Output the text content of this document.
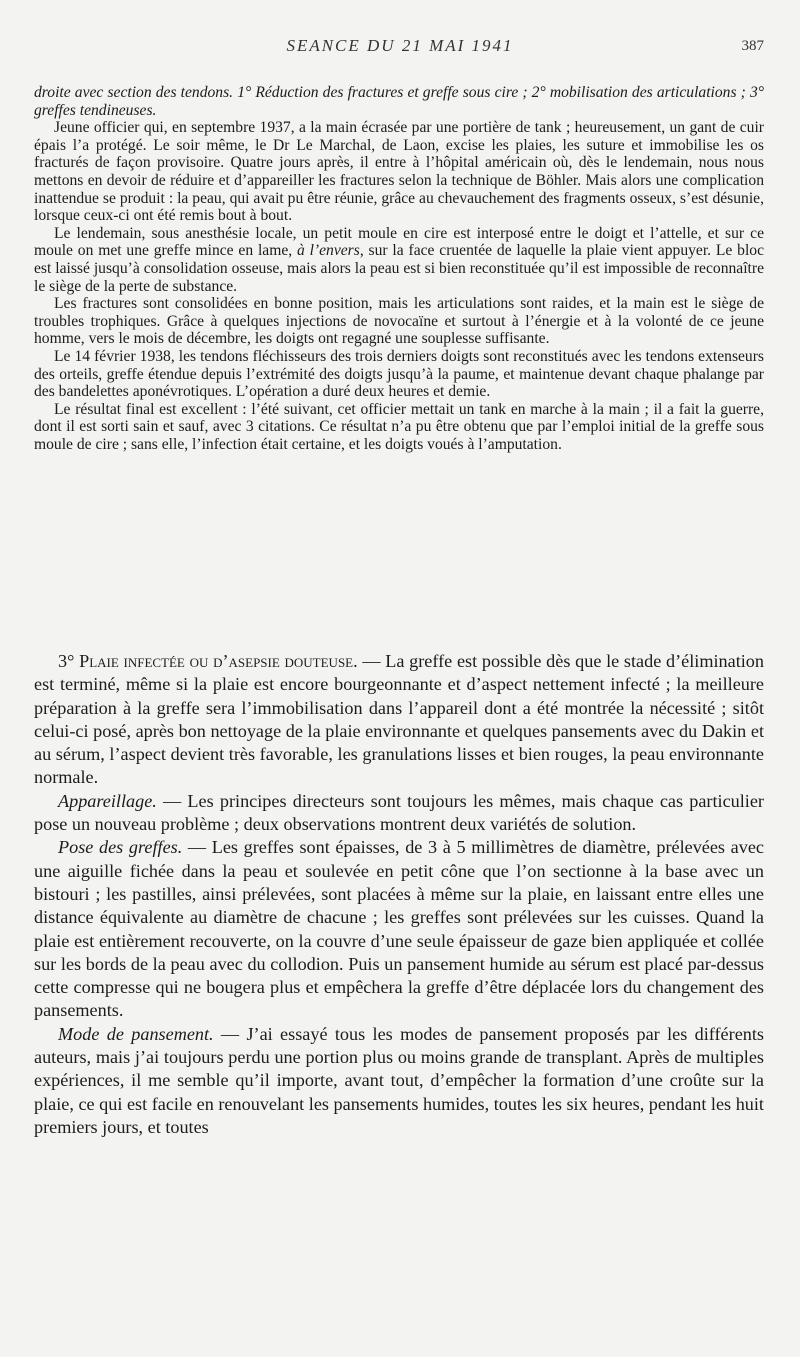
SEANCE DU 21 MAI 1941	387

droite avec section des tendons. 1° Réduction des fractures et greffe sous cire ; 2° mobilisation des articulations ; 3° greffes tendineuses.

Jeune officier qui, en septembre 1937, a la main écrasée par une portière de tank ; heureusement, un gant de cuir épais l’a protégé. Le soir même, le Dr Le Marchal, de Laon, excise les plaies, les suture et immobilise les os fracturés de façon provisoire. Quatre jours après, il entre à l’hôpital américain où, dès le lendemain, nous nous mettons en devoir de réduire et d’appareiller les fractures selon la technique de Böhler. Mais alors une complication inattendue se produit : la peau, qui avait pu être réunie, grâce au chevauchement des fragments osseux, s’est désunie, lorsque ceux-ci ont été remis bout à bout.

Le lendemain, sous anesthésie locale, un petit moule en cire est interposé entre le doigt et l’attelle, et sur ce moule on met une greffe mince en lame, à l’envers, sur la face cruentée de laquelle la plaie vient appuyer. Le bloc est laissé jusqu’à consolidation osseuse, mais alors la peau est si bien reconstituée qu’il est impossible de reconnaître le siège de la perte de substance.

Les fractures sont consolidées en bonne position, mais les articulations sont raides, et la main est le siège de troubles trophiques. Grâce à quelques injections de novocaïne et surtout à l’énergie et à la volonté de ce jeune homme, vers le mois de décembre, les doigts ont regagné une souplesse suffisante.

Le 14 février 1938, les tendons fléchisseurs des trois derniers doigts sont reconstitués avec les tendons extenseurs des orteils, greffe étendue depuis l’extrémité des doigts jusqu’à la paume, et maintenue devant chaque phalange par des bandelettes aponévrotiques. L’opération a duré deux heures et demie.

Le résultat final est excellent : l’été suivant, cet officier mettait un tank en marche à la main ; il a fait la guerre, dont il est sorti sain et sauf, avec 3 citations. Ce résultat n’a pu être obtenu que par l’emploi initial de la greffe sous moule de cire ; sans elle, l’infection était certaine, et les doigts voués à l’amputation.

3° Plaie infectée ou d’asepsie douteuse. — La greffe est possible dès que le stade d’élimination est terminé, même si la plaie est encore bourgeonnante et d’aspect nettement infecté ; la meilleure préparation à la greffe sera l’immobilisation dans l’appareil dont a été montrée la nécessité ; sitôt celui-ci posé, après bon nettoyage de la plaie environnante et quelques pansements avec du Dakin et au sérum, l’aspect devient très favorable, les granulations lisses et bien rouges, la peau environnante normale.

Appareillage. — Les principes directeurs sont toujours les mêmes, mais chaque cas particulier pose un nouveau problème ; deux observations montrent deux variétés de solution.

Pose des greffes. — Les greffes sont épaisses, de 3 à 5 millimètres de diamètre, prélevées avec une aiguille fichée dans la peau et soulevée en petit cône que l’on sectionne à la base avec un bistouri ; les pastilles, ainsi prélevées, sont placées à même sur la plaie, en laissant entre elles une distance équivalente au diamètre de chacune ; les greffes sont prélevées sur les cuisses. Quand la plaie est entièrement recouverte, on la couvre d’une seule épaisseur de gaze bien appliquée et collée sur les bords de la peau avec du collodion. Puis un pansement humide au sérum est placé par-dessus cette compresse qui ne bougera plus et empêchera la greffe d’être déplacée lors du changement des pansements.

Mode de pansement. — J’ai essayé tous les modes de pansement proposés par les différents auteurs, mais j’ai toujours perdu une portion plus ou moins grande de transplant. Après de multiples expériences, il me semble qu’il importe, avant tout, d’empêcher la formation d’une croûte sur la plaie, ce qui est facile en renouvelant les pansements humides, toutes les six heures, pendant les huit premiers jours, et toutes
